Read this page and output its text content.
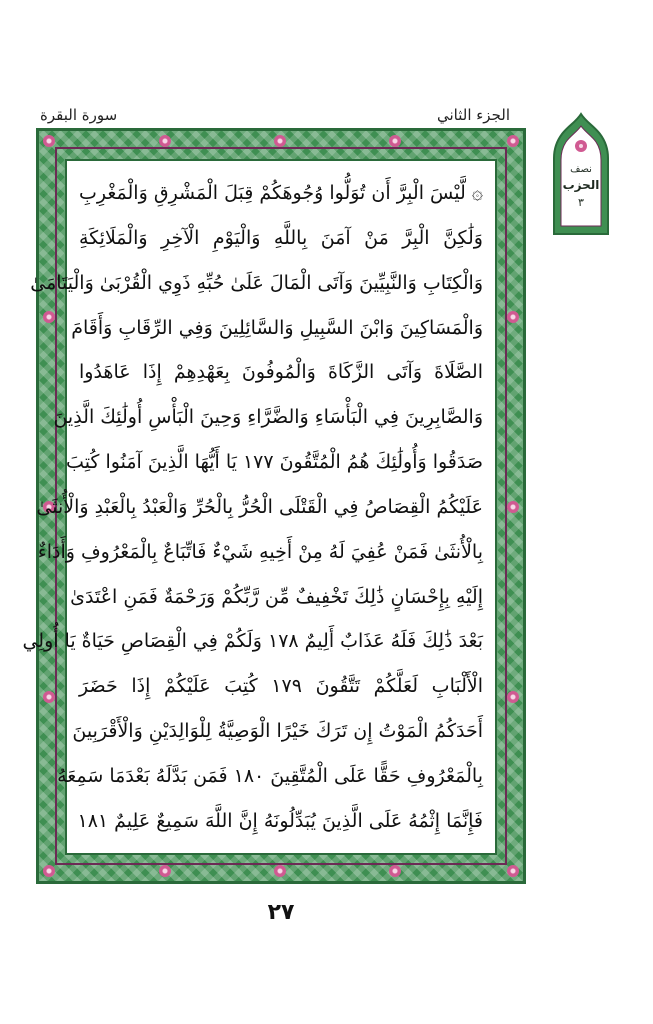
الجزء الثاني
سورة البقرة
نصف
الحزب
٣
۞ لَّيْسَ الْبِرَّ أَن تُوَلُّوا وُجُوهَكُمْ قِبَلَ الْمَشْرِقِ وَالْمَغْرِبِ
وَلَٰكِنَّ الْبِرَّ مَنْ آمَنَ بِاللَّهِ وَالْيَوْمِ الْآخِرِ وَالْمَلَائِكَةِ
وَالْكِتَابِ وَالنَّبِيِّينَ وَآتَى الْمَالَ عَلَىٰ حُبِّهِ ذَوِي الْقُرْبَىٰ وَالْيَتَامَىٰ
وَالْمَسَاكِينَ وَابْنَ السَّبِيلِ وَالسَّائِلِينَ وَفِي الرِّقَابِ وَأَقَامَ
الصَّلَاةَ وَآتَى الزَّكَاةَ وَالْمُوفُونَ بِعَهْدِهِمْ إِذَا عَاهَدُوا
وَالصَّابِرِينَ فِي الْبَأْسَاءِ وَالضَّرَّاءِ وَحِينَ الْبَأْسِ أُولَٰئِكَ الَّذِينَ
صَدَقُوا وَأُولَٰئِكَ هُمُ الْمُتَّقُونَ ١٧٧ يَا أَيُّهَا الَّذِينَ آمَنُوا كُتِبَ
عَلَيْكُمُ الْقِصَاصُ فِي الْقَتْلَى الْحُرُّ بِالْحُرِّ وَالْعَبْدُ بِالْعَبْدِ وَالْأُنثَىٰ
بِالْأُنثَىٰ فَمَنْ عُفِيَ لَهُ مِنْ أَخِيهِ شَيْءٌ فَاتِّبَاعٌ بِالْمَعْرُوفِ وَأَدَاءٌ
إِلَيْهِ بِإِحْسَانٍ ذَٰلِكَ تَخْفِيفٌ مِّن رَّبِّكُمْ وَرَحْمَةٌ فَمَنِ اعْتَدَىٰ
بَعْدَ ذَٰلِكَ فَلَهُ عَذَابٌ أَلِيمٌ ١٧٨ وَلَكُمْ فِي الْقِصَاصِ حَيَاةٌ يَا أُولِي
الْأَلْبَابِ لَعَلَّكُمْ تَتَّقُونَ ١٧٩ كُتِبَ عَلَيْكُمْ إِذَا حَضَرَ
أَحَدَكُمُ الْمَوْتُ إِن تَرَكَ خَيْرًا الْوَصِيَّةُ لِلْوَالِدَيْنِ وَالْأَقْرَبِينَ
بِالْمَعْرُوفِ حَقًّا عَلَى الْمُتَّقِينَ ١٨٠ فَمَن بَدَّلَهُ بَعْدَمَا سَمِعَهُ
فَإِنَّمَا إِثْمُهُ عَلَى الَّذِينَ يُبَدِّلُونَهُ إِنَّ اللَّهَ سَمِيعٌ عَلِيمٌ ١٨١
٢٧
